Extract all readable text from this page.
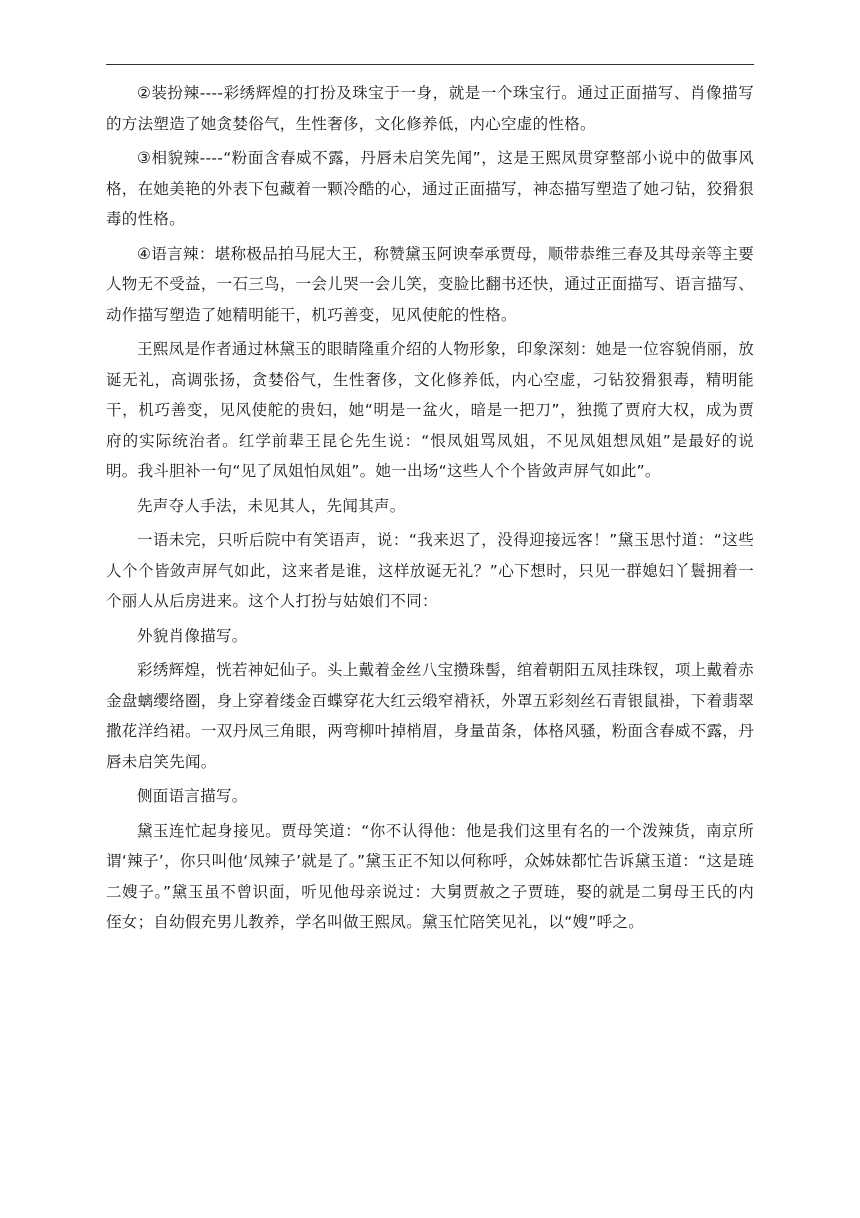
②装扮辣----彩绣辉煌的打扮及珠宝于一身，就是一个珠宝行。通过正面描写、肖像描写的方法塑造了她贪婪俗气，生性奢侈，文化修养低，内心空虚的性格。

③相貌辣----“粉面含春威不露，丹唇未启笑先闻”，这是王熙凤贯穿整部小说中的做事风格，在她美艳的外表下包藏着一颗冷酷的心，通过正面描写，神态描写塑造了她刁钻，狡猾狠毒的性格。

④语言辣：堪称极品拍马屁大王，称赞黛玉阿谀奉承贾母，顺带恭维三春及其母亲等主要人物无不受益，一石三鸟，一会儿哭一会儿笑，变脸比翻书还快，通过正面描写、语言描写、动作描写塑造了她精明能干，机巧善变，见风使舵的性格。

王熙凤是作者通过林黛玉的眼睛隆重介绍的人物形象，印象深刻：她是一位容貌俏丽，放诞无礼，高调张扬，贪婪俗气，生性奢侈，文化修养低，内心空虚，刁钻狡猾狠毒，精明能干，机巧善变，见风使舵的贵妇，她“明是一盆火，暗是一把刀”，独揽了贾府大权，成为贾府的实际统治者。红学前辈王昆仑先生说：“恨凤姐骂凤姐，不见凤姐想凤姐”是最好的说明。我斗胆补一句“见了凤姐怕凤姐”。她一出场“这些人个个皆敛声屏气如此”。

先声夺人手法，未见其人，先闻其声。

一语未完，只听后院中有笑语声，说：“我来迟了，没得迎接远客！”黛玉思忖道：“这些人个个皆敛声屏气如此，这来者是谁，这样放诞无礼？”心下想时，只见一群媳妇丫鬟拥着一个丽人从后房进来。这个人打扮与姑娘们不同：

外貌肖像描写。

彩绣辉煌，恍若神妃仙子。头上戴着金丝八宝攒珠髻，绾着朝阳五凤挂珠钗，项上戴着赤金盘螭缨络圈，身上穿着缕金百蝶穿花大红云缎窄褙袄，外罩五彩刻丝石青银鼠褂，下着翡翠撒花洋绉裙。一双丹凤三角眼，两弯柳叶掉梢眉，身量苗条，体格风骚，粉面含春威不露，丹唇未启笑先闻。

侧面语言描写。

黛玉连忙起身接见。贾母笑道：“你不认得他：他是我们这里有名的一个泼辣货，南京所谓‘辣子’，你只叫他‘凤辣子’就是了。”黛玉正不知以何称呼，众姊妹都忙告诉黛玉道：“这是琏二嫂子。”黛玉虽不曾识面，听见他母亲说过：大舅贾赦之子贾琏，娶的就是二舅母王氏的内侄女；自幼假充男儿教养，学名叫做王熙凤。黛玉忙陪笑见礼，以“嫂”呼之。
